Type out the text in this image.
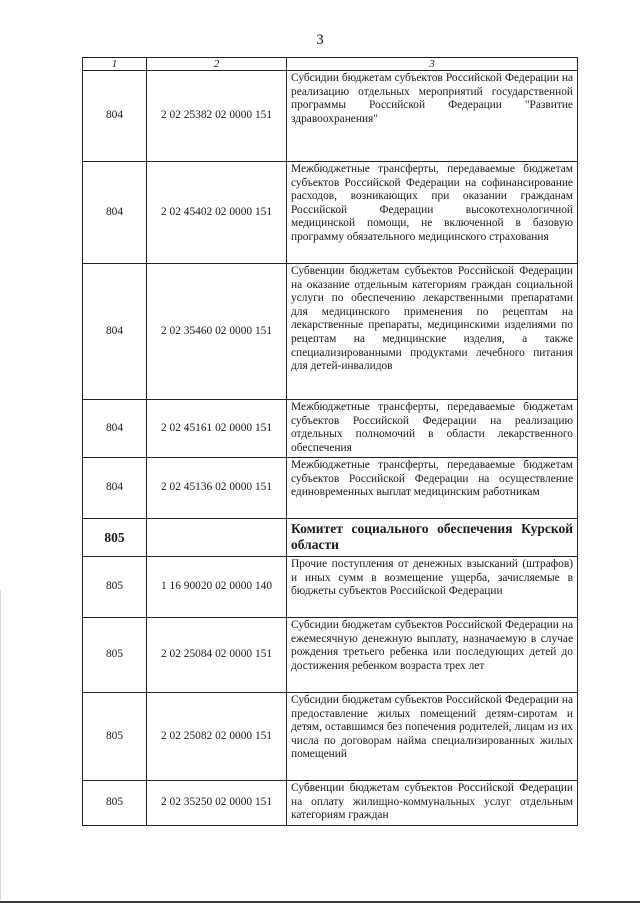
3
1	2	3
804	2 02 25382 02 0000 151	Субсидии бюджетам субъектов Российской Федерации на реализацию отдельных мероприятий государственной программы Российской Федерации "Развитие здравоохранения"

804	2 02 45402 02 0000 151	Межбюджетные трансферты, передаваемые бюджетам субъектов Российской Федерации на софинансирование расходов, возникающих при оказании гражданам Российской Федерации высокотехнологичной медицинской помощи, не включенной в базовую программу обязательного медицинского страхования

804	2 02 35460 02 0000 151	Субвенции бюджетам субъектов Российской Федерации на оказание отдельным категориям граждан социальной услуги по обеспечению лекарственными препаратами для медицинского применения по рецептам на лекарственные препараты, медицинскими изделиями по рецептам на медицинские изделия, а также специализированными продуктами лечебного питания для детей-инвалидов

804	2 02 45161 02 0000 151	Межбюджетные трансферты, передаваемые бюджетам субъектов Российской Федерации на реализацию отдельных полномочий в области лекарственного обеспечения

804	2 02 45136 02 0000 151	Межбюджетные трансферты, передаваемые бюджетам субъектов Российской Федерации на осуществление единовременных выплат медицинским работникам

805		Комитет социального обеспечения Курской области

805	1 16 90020 02 0000 140	Прочие поступления от денежных взысканий (штрафов) и иных сумм в возмещение ущерба, зачисляемые в бюджеты субъектов Российской Федерации

805	2 02 25084 02 0000 151	Субсидии бюджетам субъектов Российской Федерации на ежемесячную денежную выплату, назначаемую в случае рождения третьего ребенка или последующих детей до достижения ребенком возраста трех лет

805	2 02 25082 02 0000 151	Субсидии бюджетам субъектов Российской Федерации на предоставление жилых помещений детям-сиротам и детям, оставшимся без попечения родителей, лицам из их числа по договорам найма специализированных жилых помещений

805	2 02 35250 02 0000 151	Субвенции бюджетам субъектов Российской Федерации на оплату жилищно-коммунальных услуг отдельным категориям граждан
